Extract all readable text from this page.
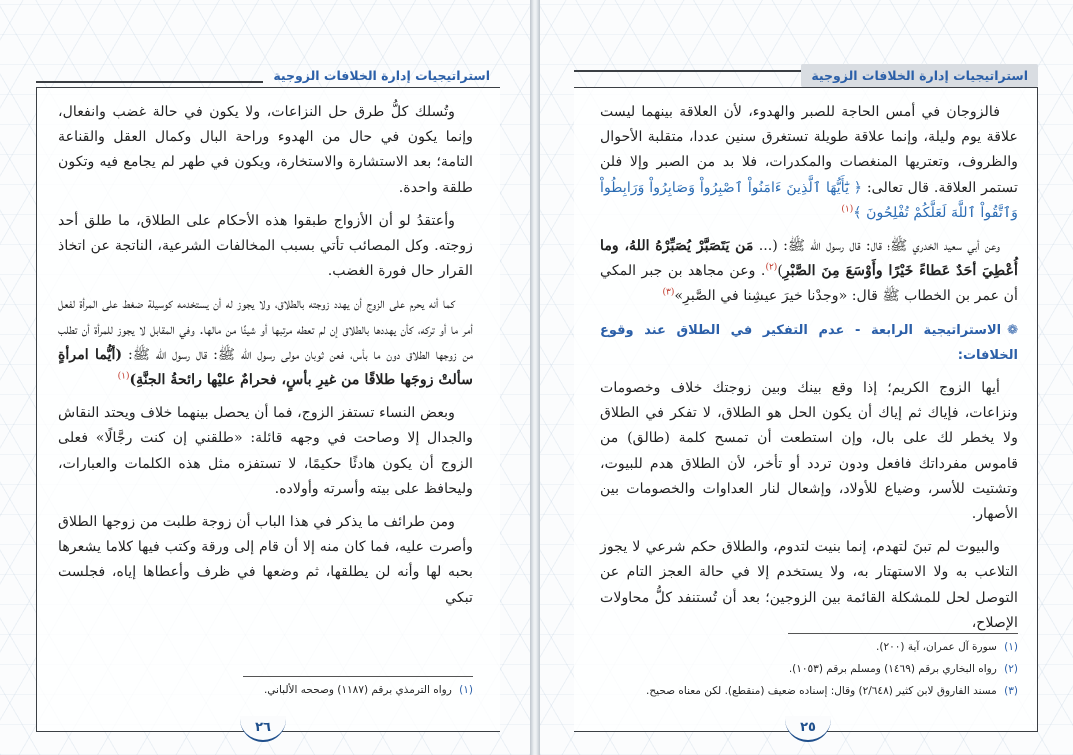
استراتيجيات إدارة الخلافات الزوجية

وتُسلك كلُّ طرق حل النزاعات، ولا يكون في حالة غضب وانفعال، وإنما يكون في حال من الهدوء وراحة البال وكمال العقل والقناعة التامة؛ بعد الاستشارة والاستخارة، ويكون في طهر لم يجامع فيه وتكون طلقة واحدة.

وأعتقدُ لو أن الأزواج طبقوا هذه الأحكام على الطلاق، ما طلق أحد زوجته. وكل المصائب تأتي بسبب المخالفات الشرعية، الناتجة عن اتخاذ القرار حال فورة الغضب.

كما أنه يحرم على الزوج أن يهدد زوجته بالطلاق، ولا يجوز له أن يستخدمه كوسيلة ضغط على المرأة لفعل أمر ما أو تركه، كأن يهددها بالطلاق إن لم تعطه مرتبها أو شيئًا من مالها. وفي المقابل لا يجوز للمرأة أن تطلب من زوجها الطلاق دون ما بأس، فعن ثوبان مولى رسول الله ﷺ: قال رسول الله ﷺ: (أيُّما امرأةٍ سألتْ زوجَها طلاقًا من غيرِ بأسٍ، فحرامٌ عليْها رائحةُ الجنَّةِ)$^{(١)}$

وبعض النساء تستفز الزوج، فما أن يحصل بينهما خلاف ويحتد النقاش والجدال إلا وصاحت في وجهه قائلة: «طلقني إن كنت رجَّالًا» فعلى الزوج أن يكون هادئًا حكيمًا، لا تستفزه مثل هذه الكلمات والعبارات، وليحافظ على بيته وأسرته وأولاده.

ومن طرائف ما يذكر في هذا الباب أن زوجة طلبت من زوجها الطلاق وأصرت عليه، فما كان منه إلا أن قام إلى ورقة وكتب فيها كلاما يشعرها بحبه لها وأنه لن يطلقها، ثم وضعها في ظرف وأعطاها إياه، فجلست تبكي

(١) رواه الترمذي برقم (١١٨٧) وصححه الألباني.
٢٦
استراتيجيات إدارة الخلافات الزوجية

فالزوجان في أمس الحاجة للصبر والهدوء، لأن العلاقة بينهما ليست علاقة يوم وليلة، وإنما علاقة طويلة تستغرق سنين عددا، متقلبة الأحوال والظروف، وتعتريها المنغصات والمكدرات، فلا بد من الصبر وإلا فلن تستمر العلاقة. قال تعالى: ﴿ يَٰٓأَيُّهَا ٱلَّذِينَ ءَامَنُواْ ٱصْبِرُواْ وَصَابِرُواْ وَرَابِطُواْ وَٱتَّقُواْ ٱللَّهَ لَعَلَّكُمْ تُفْلِحُونَ ﴾$^{(١)}$

وعن أبي سعيد الخدري ﷺ؛ قال: قال رسول الله ﷺ: (... مَن يَتَصَبَّرْ يُصَبِّرْهُ اللهُ، وما أُعْطِيَ أحَدٌ عَطاءً خَيْرًا وأَوْسَعَ مِنَ الصَّبْرِ)$^{(٢)}$. وعن مجاهد بن جبر المكي أن عمر بن الخطاب ﷺ قال: «وجدْنا خيرَ عيشِنا في الصَّبرِ»$^{(٣)}$

❁الاستراتيجية الرابعة - عدم التفكير في الطلاق عند وقوع الخلافات:

أيها الزوج الكريم؛ إذا وقع بينك وبين زوجتك خلاف وخصومات ونزاعات، فإياك ثم إياك أن يكون الحل هو الطلاق، لا تفكر في الطلاق ولا يخطر لك على بال، وإن استطعت أن تمسح كلمة (طالق) من قاموس مفرداتك فافعل ودون تردد أو تأخر، لأن الطلاق هدم للبيوت، وتشتيت للأسر، وضياع للأولاد، وإشعال لنار العداوات والخصومات بين الأصهار.

والبيوت لم تبنَ لتهدم، إنما بنيت لتدوم، والطلاق حكم شرعي لا يجوز التلاعب به ولا الاستهتار به، ولا يستخدم إلا في حالة العجز التام عن التوصل لحل للمشكلة القائمة بين الزوجين؛ بعد أن تُستنفد كلُّ محاولات الإصلاح،

(١) سورة آل عمران، آية (٢٠٠).
(٢) رواه البخاري برقم (١٤٦٩) ومسلم برقم (١٠٥٣).
(٣) مسند الفاروق لابن كثير (٢/٦٤٨) وقال: إسناده ضعيف (منقطع). لكن معناه صحيح.
٢٥
